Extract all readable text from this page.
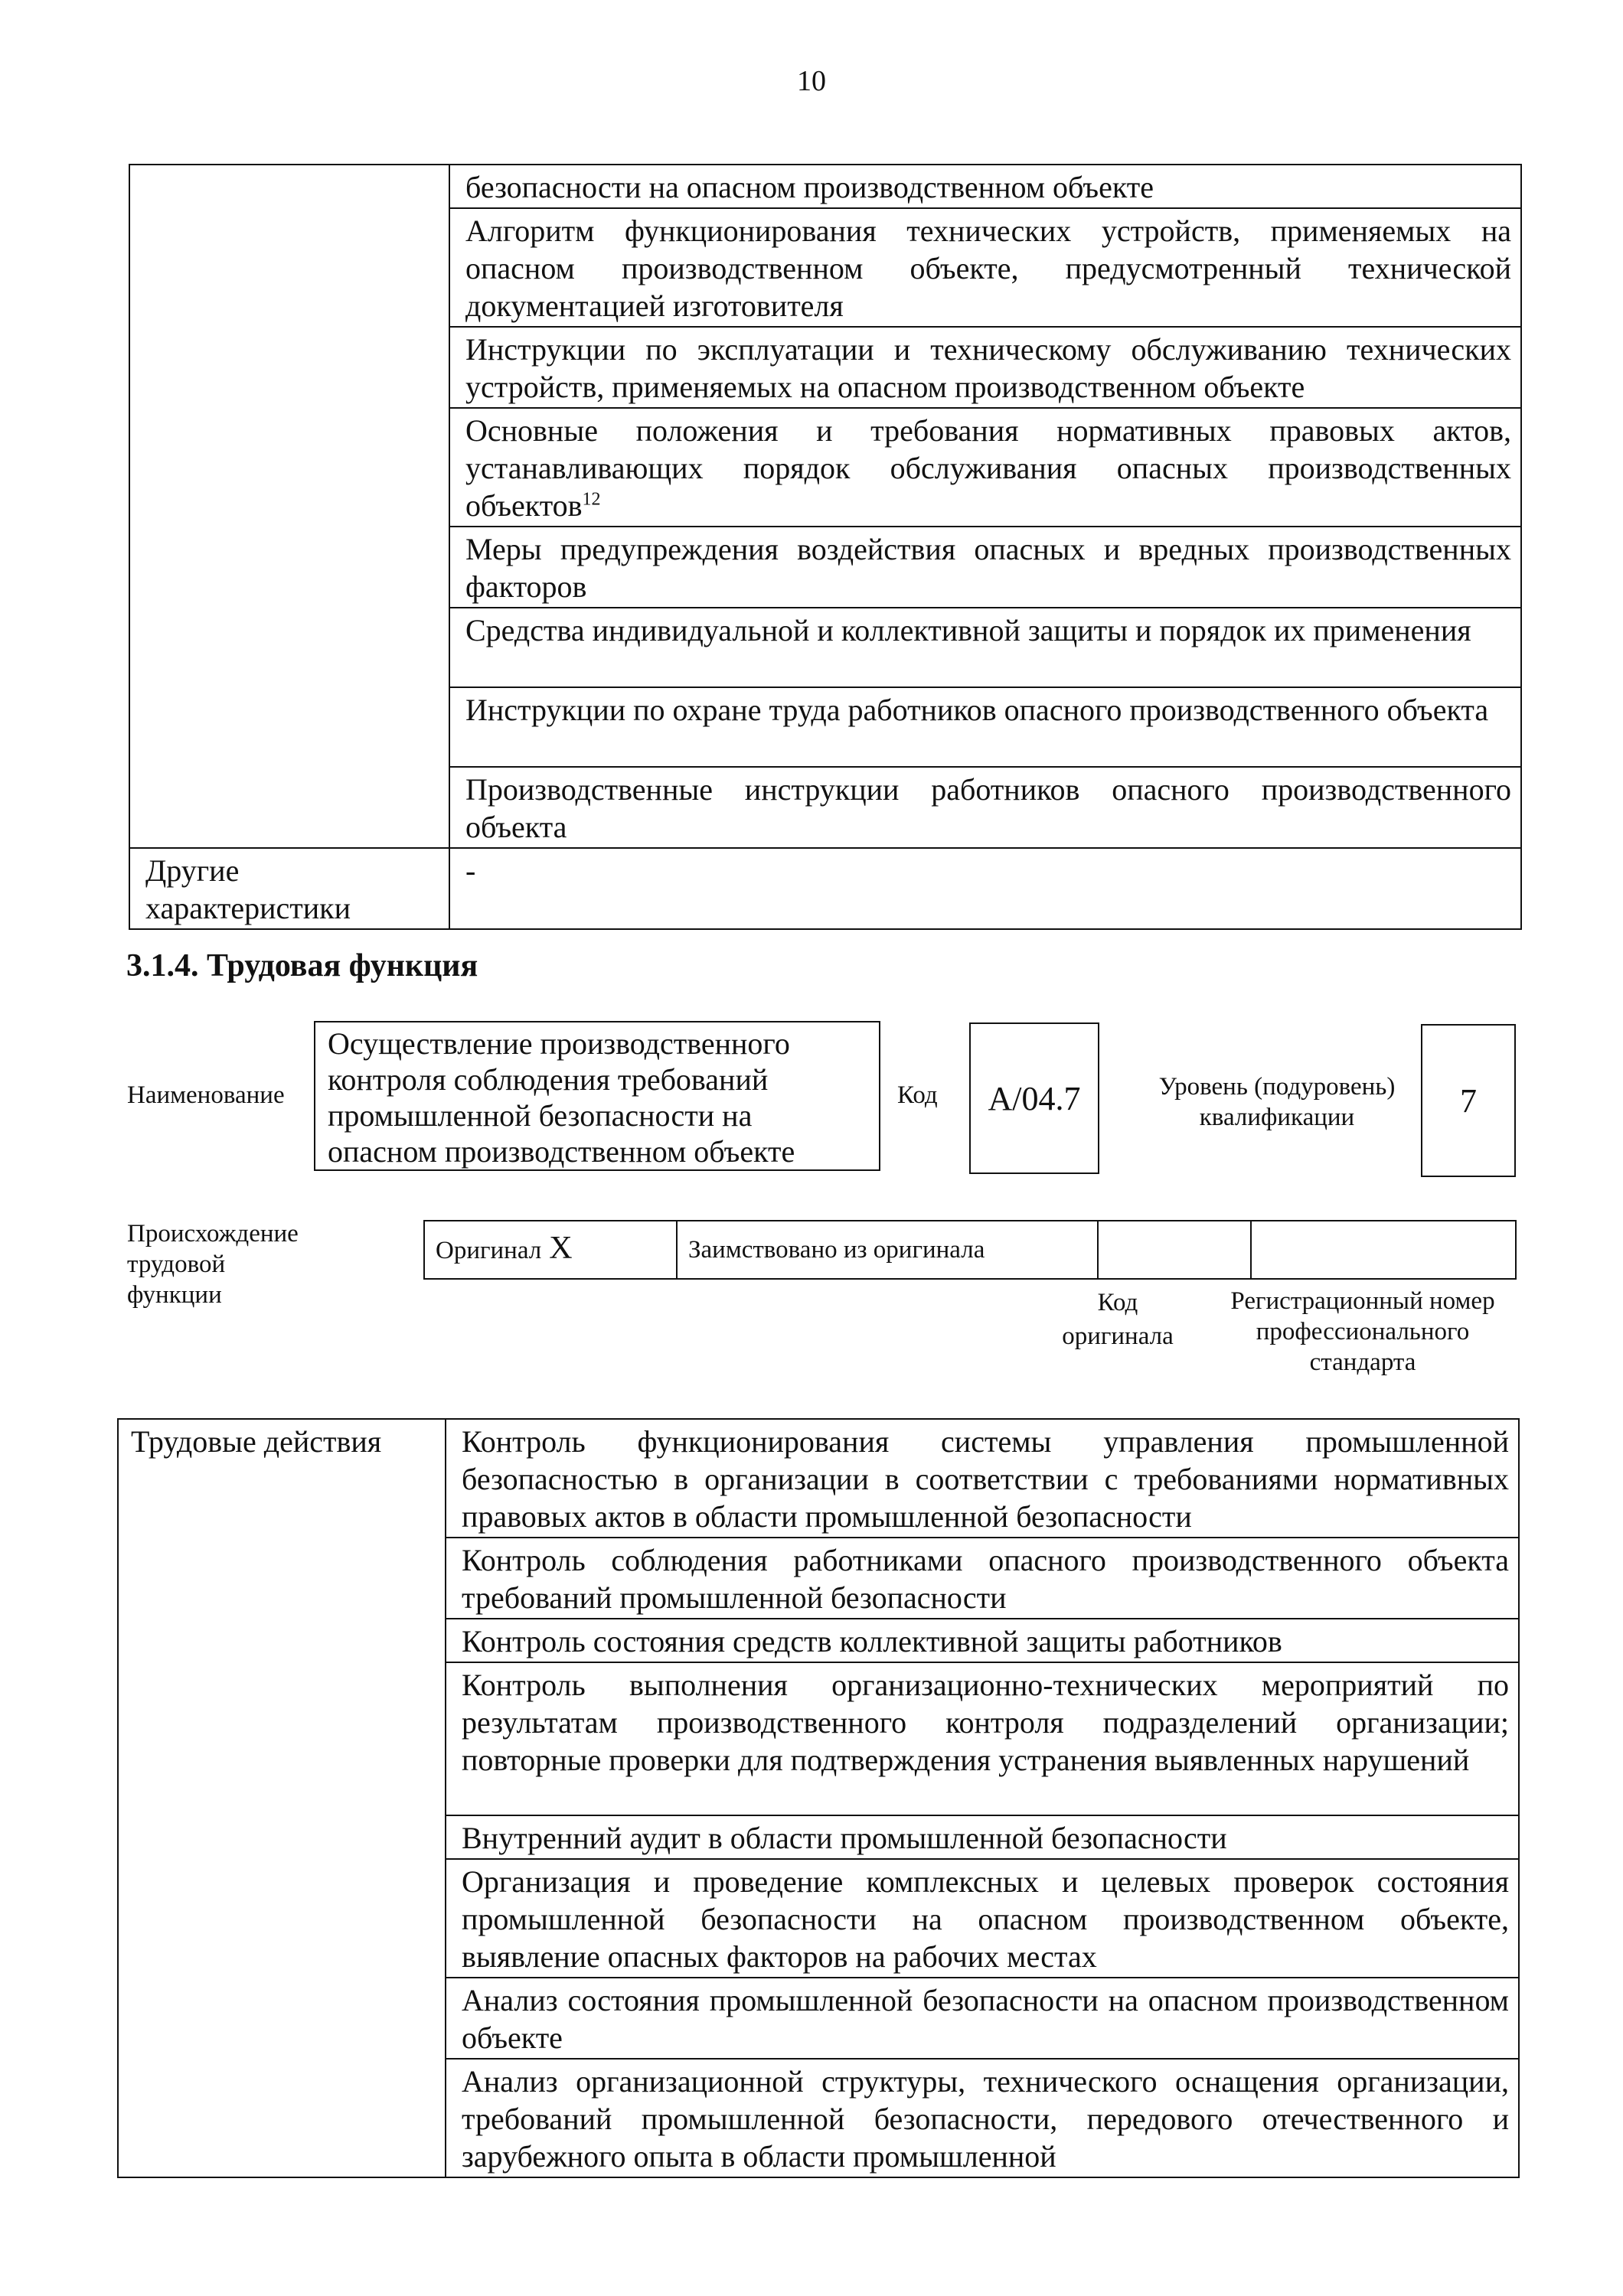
10
	безопасности на опасном производственном объекте
	Алгоритм функционирования технических устройств, применяемых на опасном производственном объекте, предусмотренный технической документацией изготовителя
	Инструкции по эксплуатации и техническому обслуживанию технических устройств, применяемых на опасном производственном объекте
	Основные положения и требования нормативных правовых актов, устанавливающих порядок обслуживания опасных производственных объектов$^{12}$
	Меры предупреждения воздействия опасных и вредных производственных факторов
	Средства индивидуальной и коллективной защиты и порядок их применения
	Инструкции по охране труда работников опасного производственного объекта
	Производственные инструкции работников опасного производственного объекта
Другие характеристики	-
3.1.4. Трудовая функция
Наименование
Осуществление производственного контроля соблюдения требований промышленной безопасности на опасном производственном объекте
Код	A/04.7	Уровень (подуровень) квалификации	7
Происхождение трудовой функции
Оригинал X	Заимствовано из оригинала		
Код оригинала
Регистрационный номер профессионального стандарта
Трудовые действия	Контроль функционирования системы управления промышленной безопасностью в организации в соответствии с требованиями нормативных правовых актов в области промышленной безопасности
Контроль соблюдения работниками опасного производственного объекта требований промышленной безопасности
Контроль состояния средств коллективной защиты работников
Контроль выполнения организационно-технических мероприятий по результатам производственного контроля подразделений организации; повторные проверки для подтверждения устранения выявленных нарушений
Внутренний аудит в области промышленной безопасности
Организация и проведение комплексных и целевых проверок состояния промышленной безопасности на опасном производственном объекте, выявление опасных факторов на рабочих местах
Анализ состояния промышленной безопасности на опасном производственном объекте
Анализ организационной структуры, технического оснащения организации, требований промышленной безопасности, передового отечественного и зарубежного опыта в области промышленной
